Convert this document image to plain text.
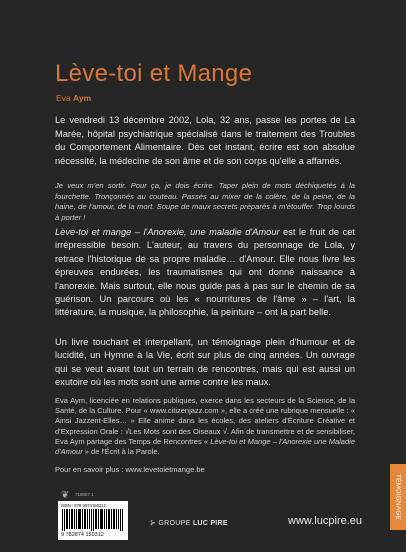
Lève-toi et Mange
Eva Aym
Le vendredi 13 décembre 2002, Lola, 32 ans, passe les portes de La Marée, hôpital psychiatrique spécialisé dans le traitement des Troubles du Comportement Alimentaire. Dès cet instant, écrire est son absolue nécessité, la médecine de son âme et de son corps qu'elle a affamés.
Je veux m'en sortir. Pour ça, je dois écrire. Taper plein de mots déchiquetés à la fourchette. Tronçonnés au couteau. Passés au mixer de la colère, de la peine, de la haine, de l'amour, de la mort. Soupe de maux secrets préparés à m'étouffer. Trop lourds à porter !
Lève-toi et mange – l'Anorexie, une maladie d'Amour est le fruit de cet irrépressible besoin. L'auteur, au travers du personnage de Lola, y retrace l'historique de sa propre maladie… d'Amour. Elle nous livre les épreuves endurées, les traumatismes qui ont donné naissance à l'anorexie. Mais surtout, elle nous guide pas à pas sur le chemin de sa guérison. Un parcours où les « nourritures de l'âme » – l'art, la littérature, la musique, la philosophie, la peinture – ont la part belle.
Un livre touchant et interpellant, un témoignage plein d'humour et de lucidité, un Hymne à la Vie, écrit sur plus de cinq années. Un ouvrage qui se veut avant tout un terrain de rencontres, mais qui est aussi un exutoire où les mots sont une arme contre les maux.
Eva Aym, licenciée en relations publiques, exerce dans les secteurs de la Science, de la Santé, de la Culture. Pour « www.citizenjazz.com », elle a créé une rubrique mensuelle : « Ainsi Jazzent-Elles… » Elle anime dans les écoles, des ateliers d'Écriture Créative et d'Expression Orale : √Les Mots sont des Oiseaux √. Afin de transmettre et de sensibiliser, Eva Aym partage des Temps de Rencontres « Lève-toi et Mange – l'Anorexie une Maladie d'Amour » de l'Écrit à la Parole.
Pour en savoir plus : www.levetoietmange.be
❦ 718067 1
ISBN : 978-2874159312
9 782874 159312
⊱ GROUPE LUC PIRE	www.lucpire.eu
TÉMOIGNAGE
